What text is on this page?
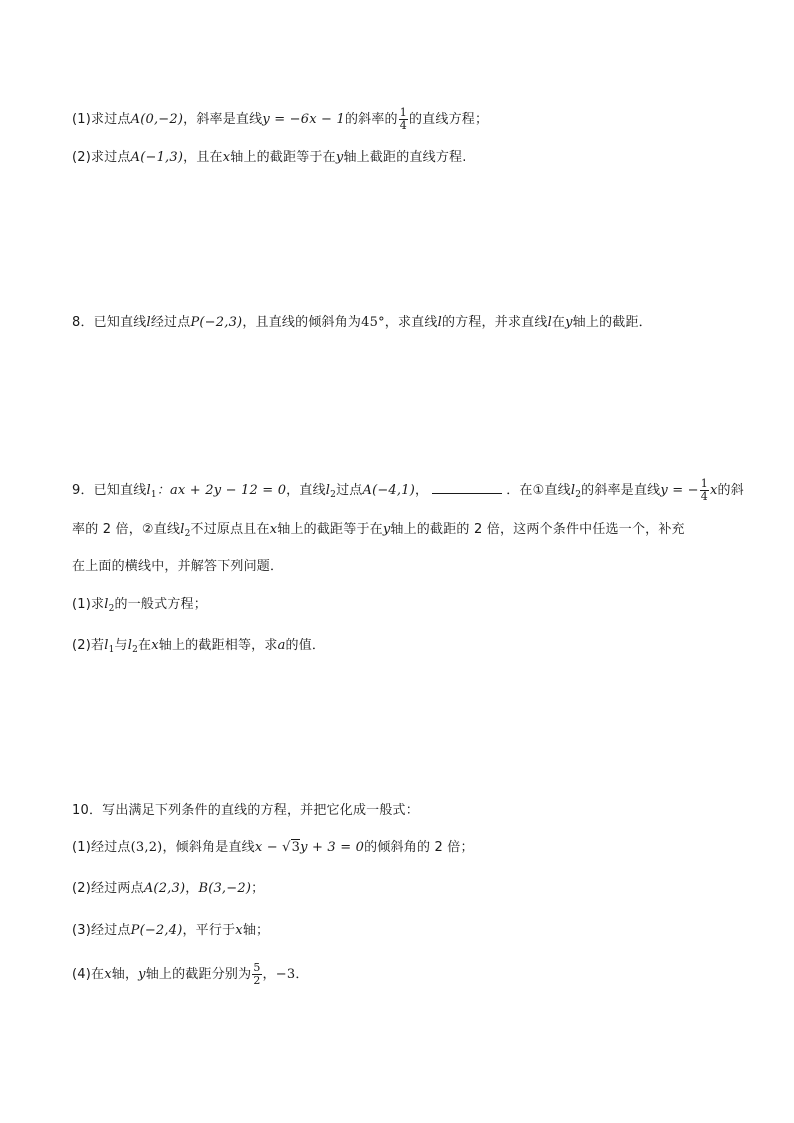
(1)求过点A(0,−2)，斜率是直线y = −6x − 1的斜率的 $\frac{1}{4}$ 的直线方程；
(2)求过点A(−1,3)，且在x轴上的截距等于在y轴上截距的直线方程.
8．已知直线l经过点P(−2,3)，且直线的倾斜角为45°，求直线l的方程，并求直线l在y轴上的截距．
9．已知直线$l_1$：ax + 2y − 12 = 0，直线$l_2$过点A(−4,1)，	．在①直线$l_2$的斜率是直线y = − $\frac{1}{4}$ x的斜
率的 2 倍，②直线$l_2$不过原点且在x轴上的截距等于在y轴上的截距的 2 倍，这两个条件中任选一个，补充
在上面的横线中，并解答下列问题．
(1)求$l_2$的一般式方程；
(2)若$l_1$与$l_2$在x轴上的截距相等，求a的值．
10．写出满足下列条件的直线的方程，并把它化成一般式：
(1)经过点(3,2)，倾斜角是直线x − √3y + 3 = 0的倾斜角的 2 倍；
(2)经过两点A(2,3)，B(3,−2)；
(3)经过点P(−2,4)，平行于x轴；
(4)在x轴，y轴上的截距分别为 $\frac{5}{2}$ ，−3．
